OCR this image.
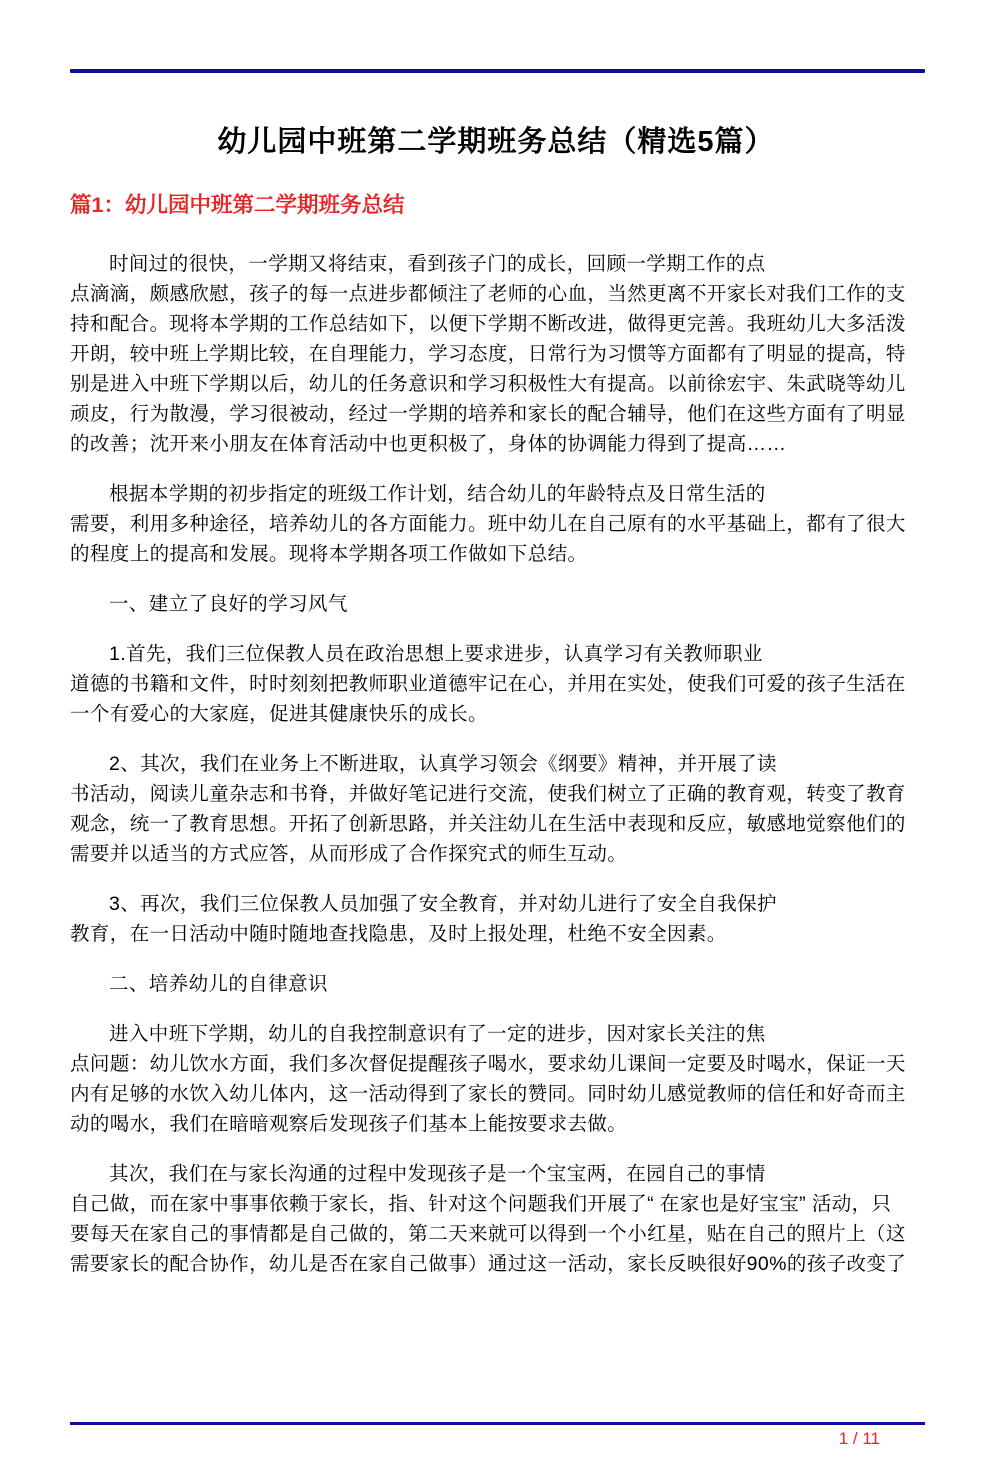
幼儿园中班第二学期班务总结（精选5篇）
篇1：幼儿园中班第二学期班务总结
时间过的很快，一学期又将结束，看到孩子门的成长，回顾一学期工作的点
点滴滴，颇感欣慰，孩子的每一点进步都倾注了老师的心血，当然更离不开家长对我们工作的支
持和配合。现将本学期的工作总结如下，以便下学期不断改进，做得更完善。我班幼儿大多活泼
开朗，较中班上学期比较，在自理能力，学习态度，日常行为习惯等方面都有了明显的提高，特
别是进入中班下学期以后，幼儿的任务意识和学习积极性大有提高。以前徐宏宇、朱武晓等幼儿
顽皮，行为散漫，学习很被动，经过一学期的培养和家长的配合辅导，他们在这些方面有了明显
的改善；沈开来小朋友在体育活动中也更积极了，身体的协调能力得到了提高……
根据本学期的初步指定的班级工作计划，结合幼儿的年龄特点及日常生活的
需要，利用多种途径，培养幼儿的各方面能力。班中幼儿在自己原有的水平基础上，都有了很大
的程度上的提高和发展。现将本学期各项工作做如下总结。
一、建立了良好的学习风气
1.首先，我们三位保教人员在政治思想上要求进步，认真学习有关教师职业
道德的书籍和文件，时时刻刻把教师职业道德牢记在心，并用在实处，使我们可爱的孩子生活在
一个有爱心的大家庭，促进其健康快乐的成长。
2、其次，我们在业务上不断进取，认真学习领会《纲要》精神，并开展了读
书活动，阅读儿童杂志和书脊，并做好笔记进行交流，使我们树立了正确的教育观，转变了教育
观念，统一了教育思想。开拓了创新思路，并关注幼儿在生活中表现和反应，敏感地觉察他们的
需要并以适当的方式应答，从而形成了合作探究式的师生互动。
3、再次，我们三位保教人员加强了安全教育，并对幼儿进行了安全自我保护
教育，在一日活动中随时随地查找隐患，及时上报处理，杜绝不安全因素。
二、培养幼儿的自律意识
进入中班下学期，幼儿的自我控制意识有了一定的进步，因对家长关注的焦
点问题：幼儿饮水方面，我们多次督促提醒孩子喝水，要求幼儿课间一定要及时喝水，保证一天
内有足够的水饮入幼儿体内，这一活动得到了家长的赞同。同时幼儿感觉教师的信任和好奇而主
动的喝水，我们在暗暗观察后发现孩子们基本上能按要求去做。
其次，我们在与家长沟通的过程中发现孩子是一个宝宝两，在园自己的事情
自己做，而在家中事事依赖于家长，指、针对这个问题我们开展了“ 在家也是好宝宝” 活动，只
要每天在家自己的事情都是自己做的，第二天来就可以得到一个小红星，贴在自己的照片上（这
需要家长的配合协作，幼儿是否在家自己做事）通过这一活动，家长反映很好90%的孩子改变了
1 / 11
